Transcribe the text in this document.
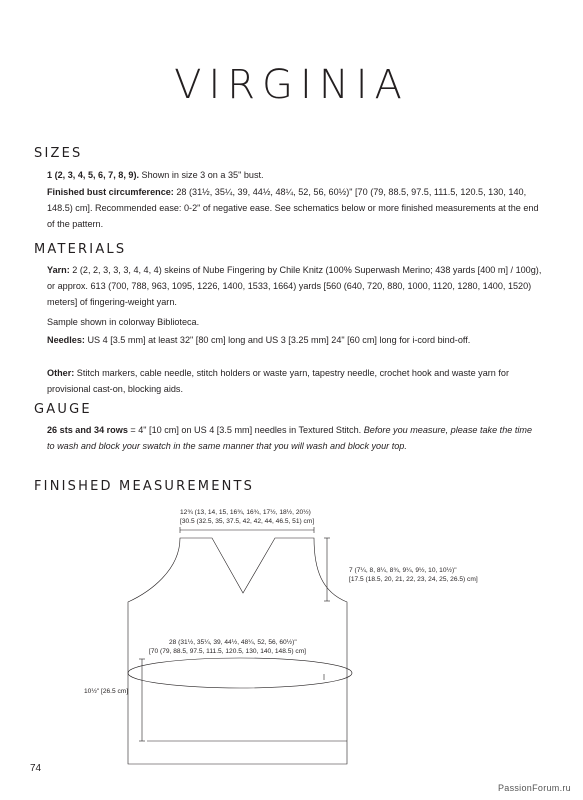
VIRGINIA
SIZES
1 (2, 3, 4, 5, 6, 7, 8, 9). Shown in size 3 on a 35" bust.
Finished bust circumference: 28 (31½, 35¼, 39, 44½, 48¼, 52, 56, 60½)" [70 (79, 88.5, 97.5, 111.5, 120.5, 130, 140, 148.5) cm]. Recommended ease: 0-2" of negative ease. See schematics below or more finished measurements at the end of the pattern.
MATERIALS
Yarn: 2 (2, 2, 3, 3, 3, 4, 4, 4) skeins of Nube Fingering by Chile Knitz (100% Superwash Merino; 438 yards [400 m] / 100g), or approx. 613 (700, 788, 963, 1095, 1226, 1400, 1533, 1664) yards [560 (640, 720, 880, 1000, 1120, 1280, 1400, 1520) meters] of fingering-weight yarn.
Sample shown in colorway Biblioteca.
Needles: US 4 [3.5 mm] at least 32" [80 cm] long and US 3 [3.25 mm] 24" [60 cm] long for i-cord bind-off.
Other: Stitch markers, cable needle, stitch holders or waste yarn, tapestry needle, crochet hook and waste yarn for provisional cast-on, blocking aids.
GAUGE
26 sts and 34 rows = 4" [10 cm] on US 4 [3.5 mm] needles in Textured Stitch. Before you measure, please take the time to wash and block your swatch in the same manner that you will wash and block your top.
FINISHED MEASUREMENTS
12¾ (13, 14, 15, 16¾, 16¾, 17½, 18½, 20½)
[30.5 (32.5, 35, 37.5, 42, 42, 44, 46.5, 51) cm]
7 (7¼, 8, 8¼, 8¾, 9¼, 9½, 10, 10½)"
[17.5 (18.5, 20, 21, 22, 23, 24, 25, 26.5) cm]
28 (31½, 35¼, 39, 44½, 48¼, 52, 56, 60½)"
[70 (79, 88.5, 97.5, 111.5, 120.5, 130, 140, 148.5) cm]
10½" [26.5 cm]
74
PassionForum.ru
